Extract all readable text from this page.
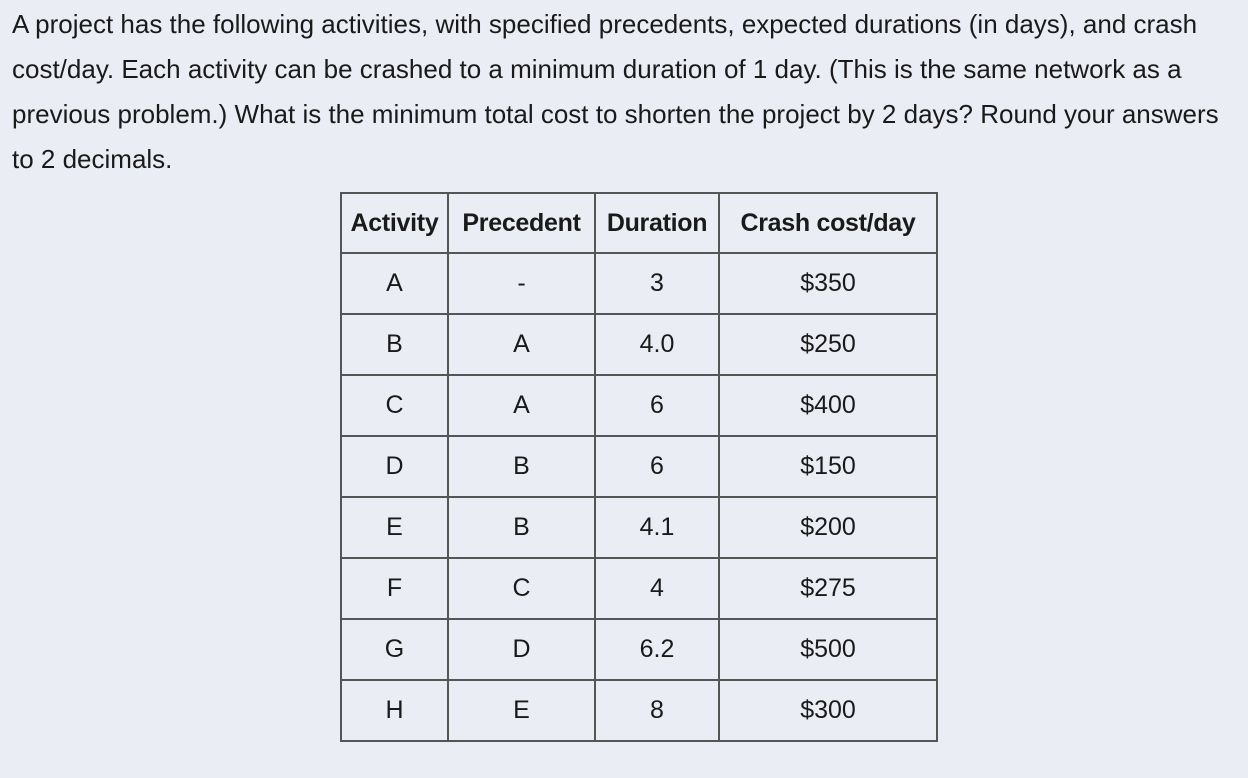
A project has the following activities, with specified precedents, expected durations (in days), and crash cost/day. Each activity can be crashed to a minimum duration of 1 day. (This is the same network as a previous problem.) What is the minimum total cost to shorten the project by 2 days? Round your answers to 2 decimals.

Activity	Precedent	Duration	Crash cost/day
A	-	3	$350
B	A	4.0	$250
C	A	6	$400
D	B	6	$150
E	B	4.1	$200
F	C	4	$275
G	D	6.2	$500
H	E	8	$300
